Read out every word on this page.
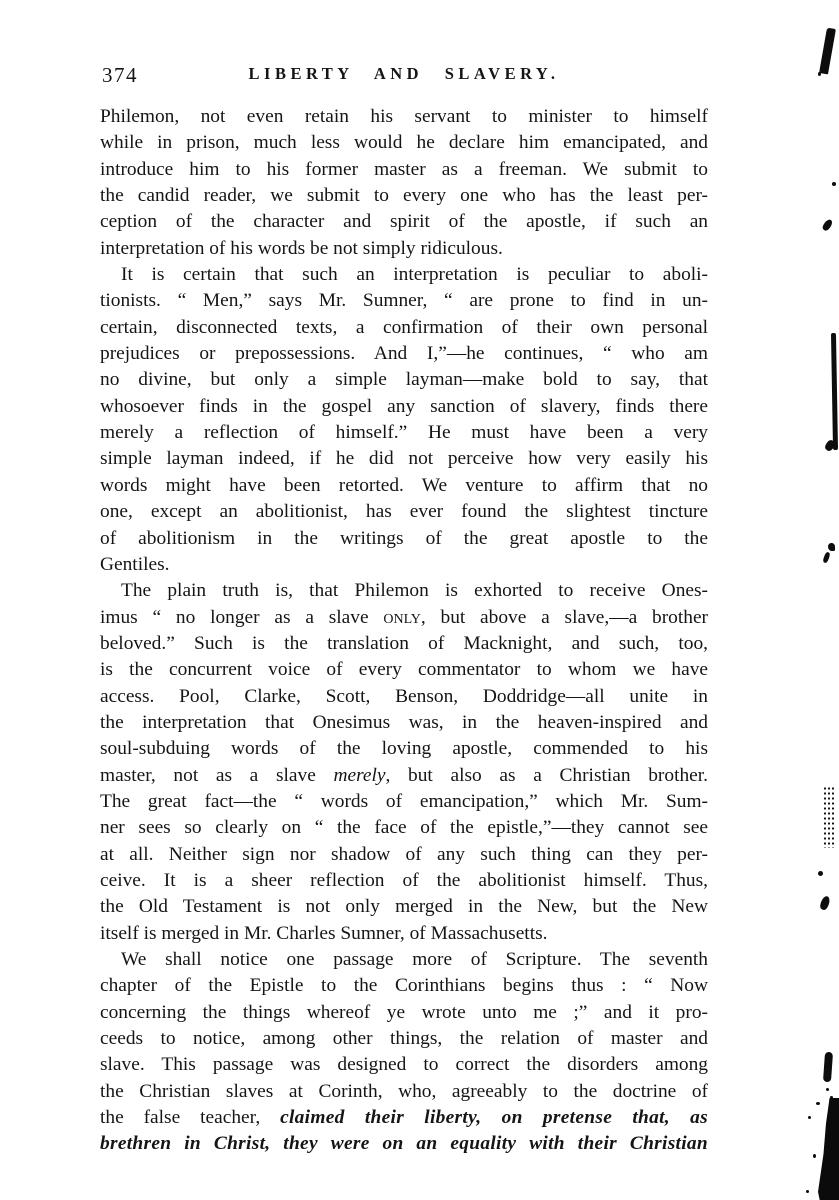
374	LIBERTY AND SLAVERY.
Philemon, not even retain his servant to minister to himself
while in prison, much less would he declare him emancipated, and
introduce him to his former master as a freeman. We submit to
the candid reader, we submit to every one who has the least per-
ception of the character and spirit of the apostle, if such an
interpretation of his words be not simply ridiculous.
It is certain that such an interpretation is peculiar to aboli-
tionists. “ Men,” says Mr. Sumner, “ are prone to find in un-
certain, disconnected texts, a confirmation of their own personal
prejudices or prepossessions. And I,”—he continues, “ who am
no divine, but only a simple layman—make bold to say, that
whosoever finds in the gospel any sanction of slavery, finds there
merely a reflection of himself.” He must have been a very
simple layman indeed, if he did not perceive how very easily his
words might have been retorted. We venture to affirm that no
one, except an abolitionist, has ever found the slightest tincture
of abolitionism in the writings of the great apostle to the
Gentiles.
The plain truth is, that Philemon is exhorted to receive Ones-
imus “ no longer as a slave only, but above a slave,—a brother
beloved.” Such is the translation of Macknight, and such, too,
is the concurrent voice of every commentator to whom we have
access. Pool, Clarke, Scott, Benson, Doddridge—all unite in
the interpretation that Onesimus was, in the heaven-inspired and
soul-subduing words of the loving apostle, commended to his
master, not as a slave merely, but also as a Christian brother.
The great fact—the “ words of emancipation,” which Mr. Sum-
ner sees so clearly on “ the face of the epistle,”—they cannot see
at all. Neither sign nor shadow of any such thing can they per-
ceive. It is a sheer reflection of the abolitionist himself. Thus,
the Old Testament is not only merged in the New, but the New
itself is merged in Mr. Charles Sumner, of Massachusetts.
We shall notice one passage more of Scripture. The seventh
chapter of the Epistle to the Corinthians begins thus : “ Now
concerning the things whereof ye wrote unto me ;” and it pro-
ceeds to notice, among other things, the relation of master and
slave. This passage was designed to correct the disorders among
the Christian slaves at Corinth, who, agreeably to the doctrine of
the false teacher, claimed their liberty, on pretense that, as
brethren in Christ, they were on an equality with their Christian
